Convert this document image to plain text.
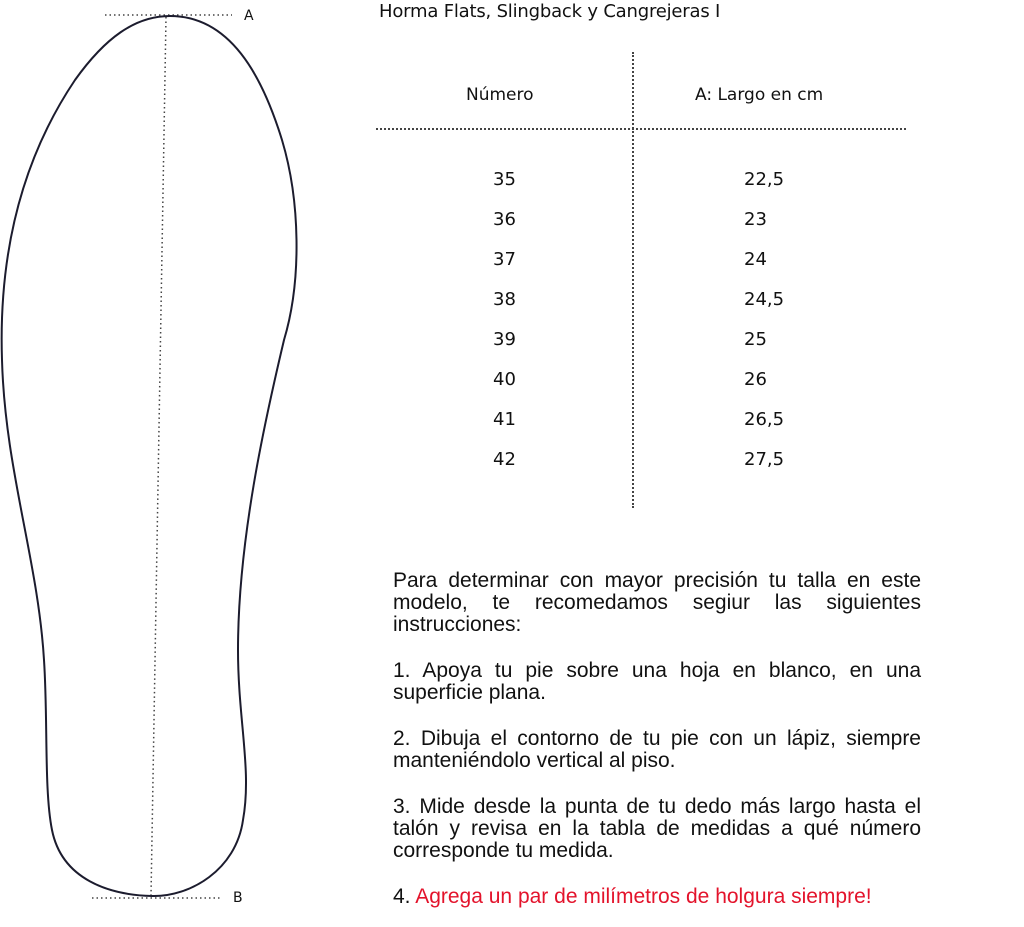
A
B
Horma Flats, Slingback y Cangrejeras I
Número	A: Largo en cm
35	22,5
36	23
37	24
38	24,5
39	25
40	26
41	26,5
42	27,5

Para determinar con mayor precisión tu talla en este modelo, te recomedamos segiur las siguientes instrucciones:

1. Apoya tu pie sobre una hoja en blanco, en una superficie plana.

2. Dibuja el contorno de tu pie con un lápiz, siempre manteniéndolo vertical al piso.

3. Mide desde la punta de tu dedo más largo hasta el talón y revisa en la tabla de medidas a qué número corresponde tu medida.

4. Agrega un par de milímetros de holgura siempre!
